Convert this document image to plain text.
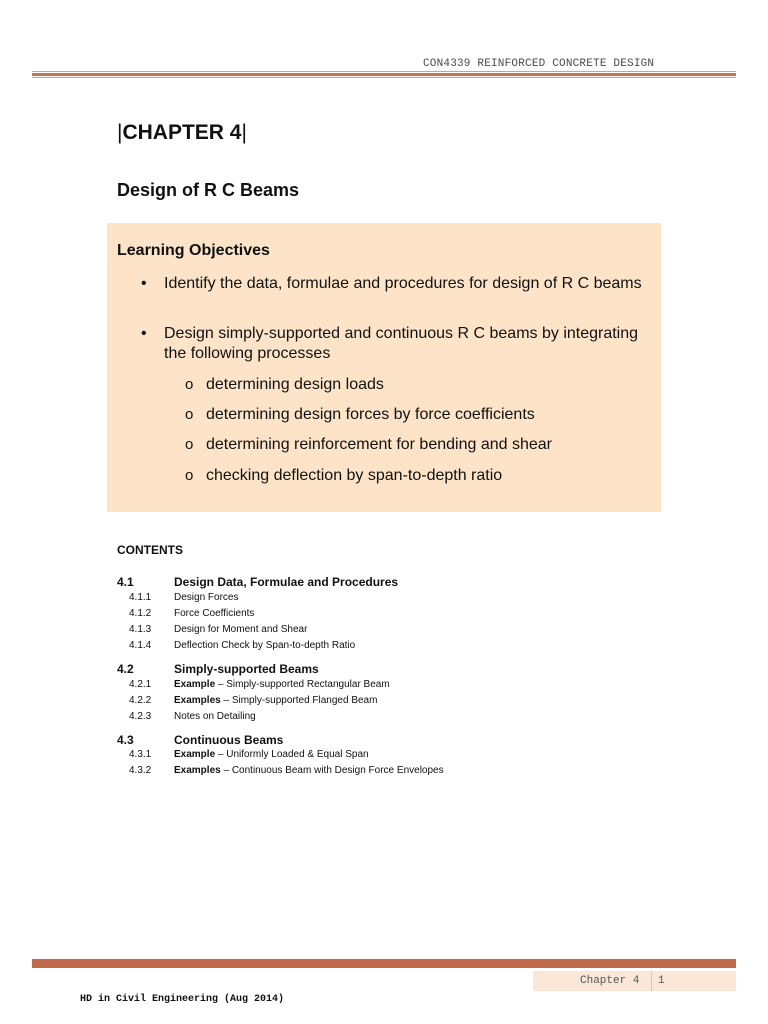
CON4339 REINFORCED CONCRETE DESIGN
|CHAPTER 4|
Design of R C Beams
Learning Objectives
• Identify the data, formulae and procedures for design of R C beams
• Design simply-supported and continuous R C beams by integrating the following processes
o determining design loads
o determining design forces by force coefficients
o determining reinforcement for bending and shear
o checking deflection by span-to-depth ratio
CONTENTS
4.1	Design Data, Formulae and Procedures
4.1.1 Design Forces
4.1.2 Force Coefficients
4.1.3 Design for Moment and Shear
4.1.4 Deflection Check by Span-to-depth Ratio
4.2	Simply-supported Beams
4.2.1 Example – Simply-supported Rectangular Beam
4.2.2 Examples – Simply-supported Flanged Beam
4.2.3 Notes on Detailing
4.3	Continuous Beams
4.3.1 Example – Uniformly Loaded & Equal Span
4.3.2 Examples – Continuous Beam with Design Force Envelopes
Chapter 4 1
HD in Civil Engineering (Aug 2014)
